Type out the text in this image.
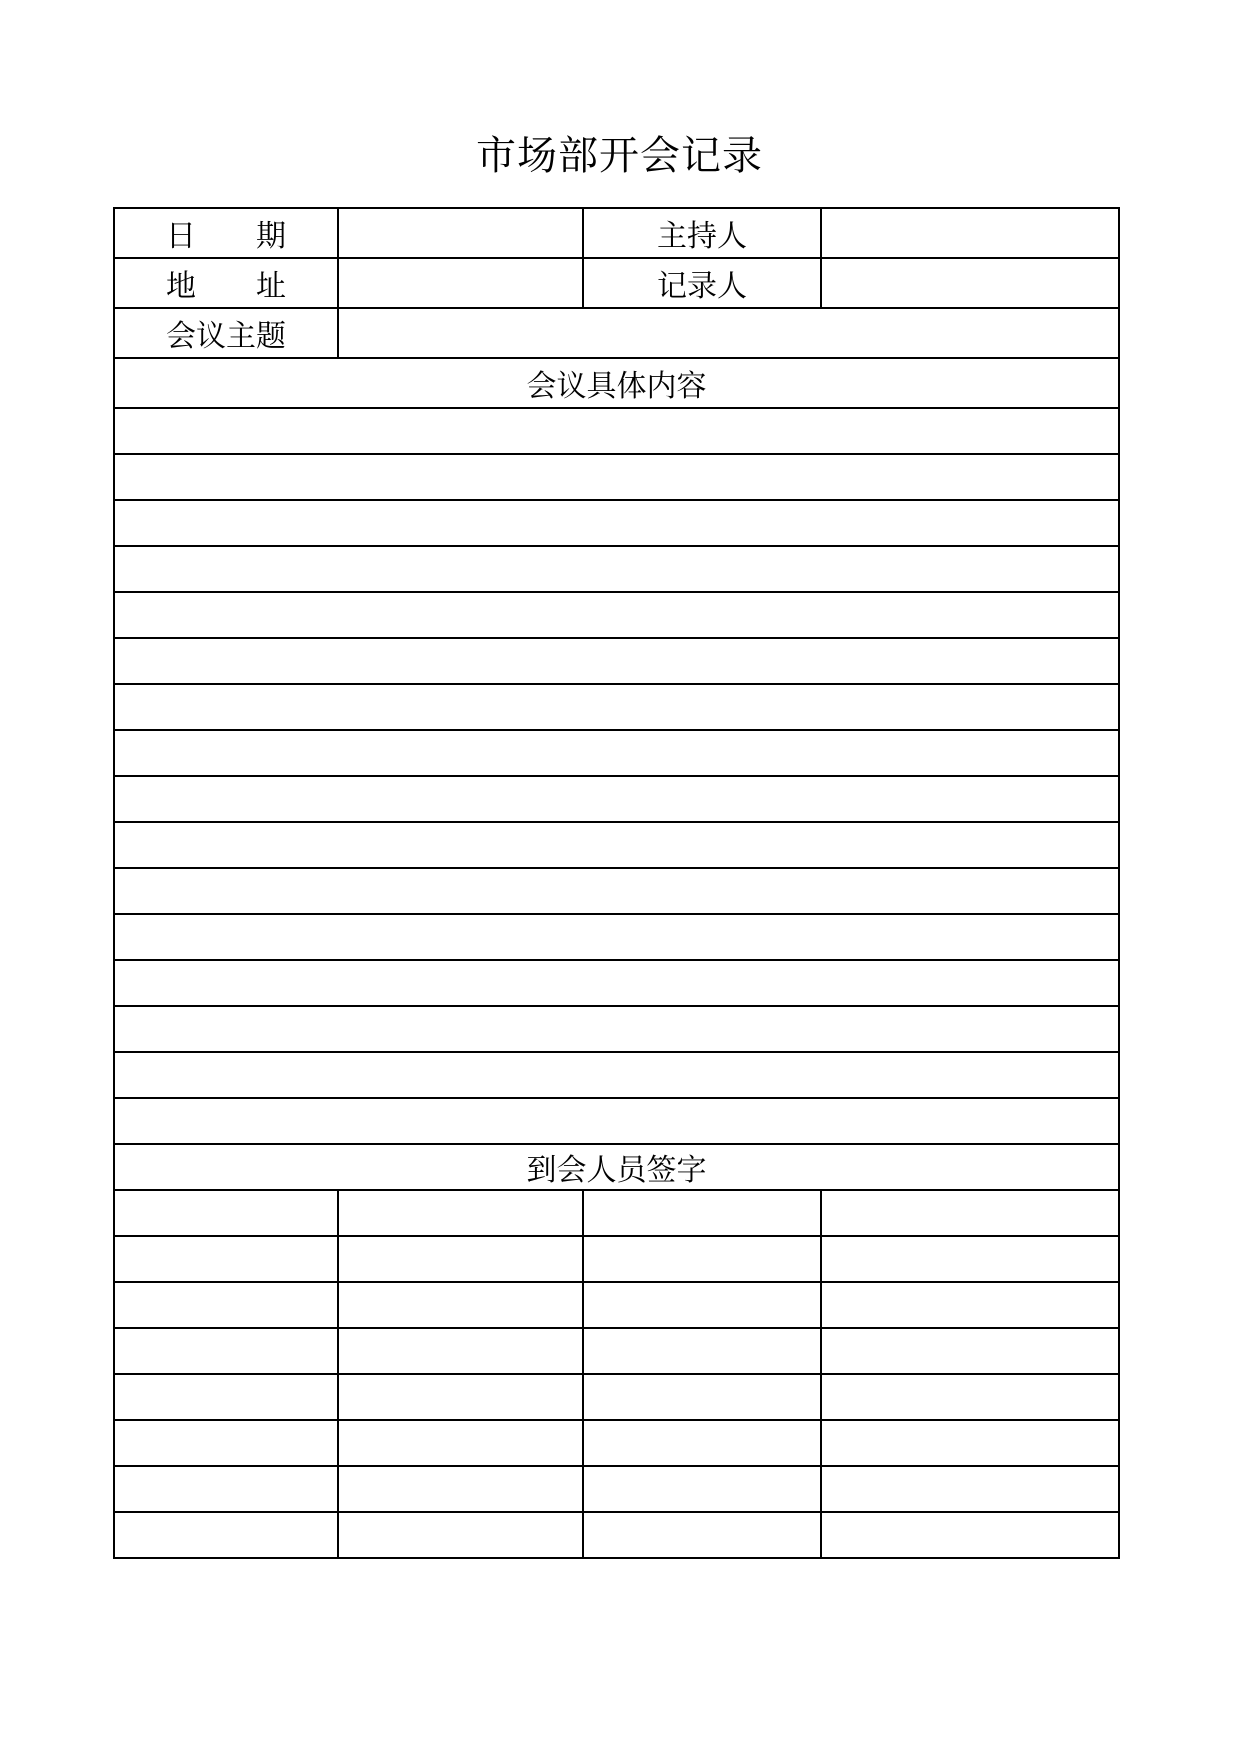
市场部开会记录
日　　期		主持人	
地　　址		记录人	
会议主题			
会议具体内容			

到会人员签字			
